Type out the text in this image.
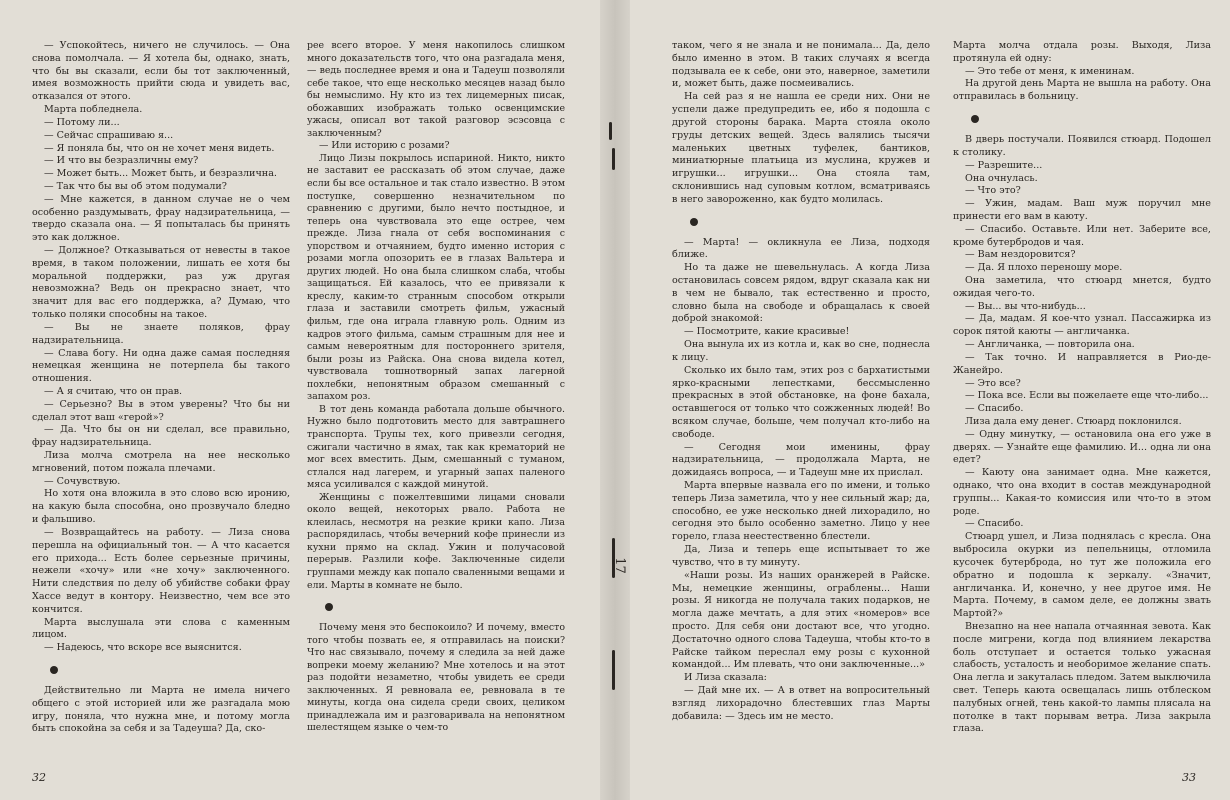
— Успокойтесь, ничего не случилось. — Она снова помолчала. — Я хотела бы, однако, знать, что бы вы сказали, если бы тот заключенный, имея возможность прийти сюда и увидеть вас, отказался от этого.

Марта побледнела.

— Потому ли...

— Сейчас спрашиваю я...

— Я поняла бы, что он не хочет меня видеть.

— И что вы безразличны ему?

— Может быть... Может быть, и безразлична.

— Так что бы вы об этом подумали?

— Мне кажется, в данном случае не о чем особенно раздумывать, фрау надзирательница, — твердо сказала она. — Я попыталась бы принять это как должное.

— Должное? Отказываться от невесты в такое время, в таком положении, лишать ее хотя бы моральной поддержки, раз уж другая невозможна? Ведь он прекрасно знает, что значит для вас его поддержка, а? Думаю, что только поляки способны на такое.

— Вы не знаете поляков, фрау надзирательница.

— Слава богу. Ни одна даже самая последняя немецкая женщина не потерпела бы такого отношения.

— А я считаю, что он прав.

— Серьезно? Вы в этом уверены? Что бы ни сделал этот ваш «герой»?

— Да. Что бы он ни сделал, все правильно, фрау надзирательница.

Лиза молча смотрела на нее несколько мгновений, потом пожала плечами.

— Сочувствую.

Но хотя она вложила в это слово всю иронию, на какую была способна, оно прозвучало бледно и фальшиво.

— Возвращайтесь на работу. — Лиза снова перешла на официальный тон. — А что касается его прихода... Есть более серьезные причины, нежели «хочу» или «не хочу» заключенного. Нити следствия по делу об убийстве собаки фрау Хассе ведут в контору. Неизвестно, чем все это кончится.

Марта выслушала эти слова с каменным лицом.

— Надеюсь, что вскоре все выяснится.

Действительно ли Марта не имела ничего общего с этой историей или же разгадала мою игру, поняла, что нужна мне, и потому могла быть спокойна за себя и за Тадеуша? Да, ско-

рее всего второе. У меня накопилось слишком много доказательств того, что она разгадала меня, — ведь последнее время и она и Тадеуш позволяли себе такое, что еще несколько месяцев назад было бы немыслимо. Ну кто из тех лицемерных писак, обожавших изображать только освенцимские ужасы, описал вот такой разговор эсэсовца с заключенным?

— Или историю с розами?

Лицо Лизы покрылось испариной. Никто, никто не заставит ее рассказать об этом случае, даже если бы все остальное и так стало известно. В этом поступке, совершенно незначительном по сравнению с другими, было нечто постыдное, и теперь она чувствовала это еще острее, чем прежде. Лиза гнала от себя воспоминания с упорством и отчаянием, будто именно история с розами могла опозорить ее в глазах Вальтера и других людей. Но она была слишком слаба, чтобы защищаться. Ей казалось, что ее привязали к креслу, каким-то странным способом открыли глаза и заставили смотреть фильм, ужасный фильм, где она играла главную роль. Одним из кадров этого фильма, самым страшным для нее и самым невероятным для постороннего зрителя, были розы из Райска. Она снова видела котел, чувствовала тошнотворный запах лагерной похлебки, непонятным образом смешанный с запахом роз.

В тот день команда работала дольше обычного. Нужно было подготовить место для завтрашнего транспорта. Трупы тех, кого привезли сегодня, сжигали частично в ямах, так как крематорий не мог всех вместить. Дым, смешанный с туманом, стлался над лагерем, и угарный запах паленого мяса усиливался с каждой минутой.

Женщины с пожелтевшими лицами сновали около вещей, некоторых рвало. Работа не клеилась, несмотря на резкие крики капо. Лиза распорядилась, чтобы вечерний кофе принесли из кухни прямо на склад. Ужин и получасовой перерыв. Разлили кофе. Заключенные сидели группами между как попало сваленными вещами и ели. Марты в комнате не было.

Почему меня это беспокоило? И почему, вместо того чтобы позвать ее, я отправилась на поиски? Что нас связывало, почему я следила за ней даже вопреки моему желанию? Мне хотелось и на этот раз подойти незаметно, чтобы увидеть ее среди заключенных. Я ревновала ее, ревновала в те минуты, когда она сидела среди своих, целиком принадлежала им и разговаривала на непонятном шелестящем языке о чем-то

32
17

таком, чего я не знала и не понимала... Да, дело было именно в этом. В таких случаях я всегда подзывала ее к себе, они это, наверное, заметили и, может быть, даже посмеивались.

На сей раз я не нашла ее среди них. Они не успели даже предупредить ее, ибо я подошла с другой стороны барака. Марта стояла около груды детских вещей. Здесь валялись тысячи маленьких цветных туфелек, бантиков, миниатюрные платьица из муслина, кружев и игрушки... игрушки... Она стояла там, склонившись над суповым котлом, всматриваясь в него завороженно, как будто молилась.

— Марта! — окликнула ее Лиза, подходя ближе.

Но та даже не шевельнулась. А когда Лиза остановилась совсем рядом, вдруг сказала как ни в чем не бывало, так естественно и просто, словно была на свободе и обращалась к своей доброй знакомой:

— Посмотрите, какие красивые!

Она вынула их из котла и, как во сне, поднесла к лицу.

Сколько их было там, этих роз с бархатистыми ярко-красными лепестками, бессмысленно прекрасных в этой обстановке, на фоне бахала, оставшегося от только что сожженных людей! Во всяком случае, больше, чем получал кто-либо на свободе.

— Сегодня мои именины, фрау надзирательница, — продолжала Марта, не дожидаясь вопроса, — и Тадеуш мне их прислал.

Марта впервые назвала его по имени, и только теперь Лиза заметила, что у нее сильный жар; да, способно, ее уже несколько дней лихорадило, но сегодня это было особенно заметно. Лицо у нее горело, глаза неестественно блестели.

Да, Лиза и теперь еще испытывает то же чувство, что в ту минуту.

«Наши розы. Из наших оранжерей в Райске. Мы, немецкие женщины, ограблены... Наши розы. Я никогда не получала таких подарков, не могла даже мечтать, а для этих «номеров» все просто. Для себя они достают все, что угодно. Достаточно одного слова Тадеуша, чтобы кто-то в Райске тайком переслал ему розы с кухонной командой... Им плевать, что они заключенные...»

И Лиза сказала:

— Дай мне их. — А в ответ на вопросительный взгляд лихорадочно блестевших глаз Марты добавила: — Здесь им не место.

Марта молча отдала розы. Выходя, Лиза протянула ей одну:

— Это тебе от меня, к именинам.

На другой день Марта не вышла на работу. Она отправилась в больницу.

В дверь постучали. Появился стюард. Подошел к столику.

— Разрешите...

Она очнулась.

— Что это?

— Ужин, мадам. Ваш муж поручил мне принести его вам в каюту.

— Спасибо. Оставьте. Или нет. Заберите все, кроме бутербродов и чая.

— Вам нездоровится?

— Да. Я плохо переношу море.

Она заметила, что стюард мнется, будто ожидая чего-то.

— Вы... вы что-нибудь...

— Да, мадам. Я кое-что узнал. Пассажирка из сорок пятой каюты — англичанка.

— Англичанка, — повторила она.

— Так точно. И направляется в Рио-де-Жанейро.

— Это все?

— Пока все. Если вы пожелаете еще что-либо...

— Спасибо.

Лиза дала ему денег. Стюард поклонился.

— Одну минутку, — остановила она его уже в дверях. — Узнайте еще фамилию. И... одна ли она едет?

— Каюту она занимает одна. Мне кажется, однако, что она входит в состав международной группы... Какая-то комиссия или что-то в этом роде.

— Спасибо.

Стюард ушел, и Лиза поднялась с кресла. Она выбросила окурки из пепельницы, отломила кусочек бутерброда, но тут же положила его обратно и подошла к зеркалу. «Значит, англичанка. И, конечно, у нее другое имя. Не Марта. Почему, в самом деле, ее должны звать Мартой?»

Внезапно на нее напала отчаянная зевота. Как после мигрени, когда под влиянием лекарства боль отступает и остается только ужасная слабость, усталость и необоримое желание спать. Она легла и закуталась пледом. Затем выключила свет. Теперь каюта освещалась лишь отблеском палубных огней, тень какой-то лампы плясала на потолке в такт порывам ветра. Лиза закрыла глаза.

33
